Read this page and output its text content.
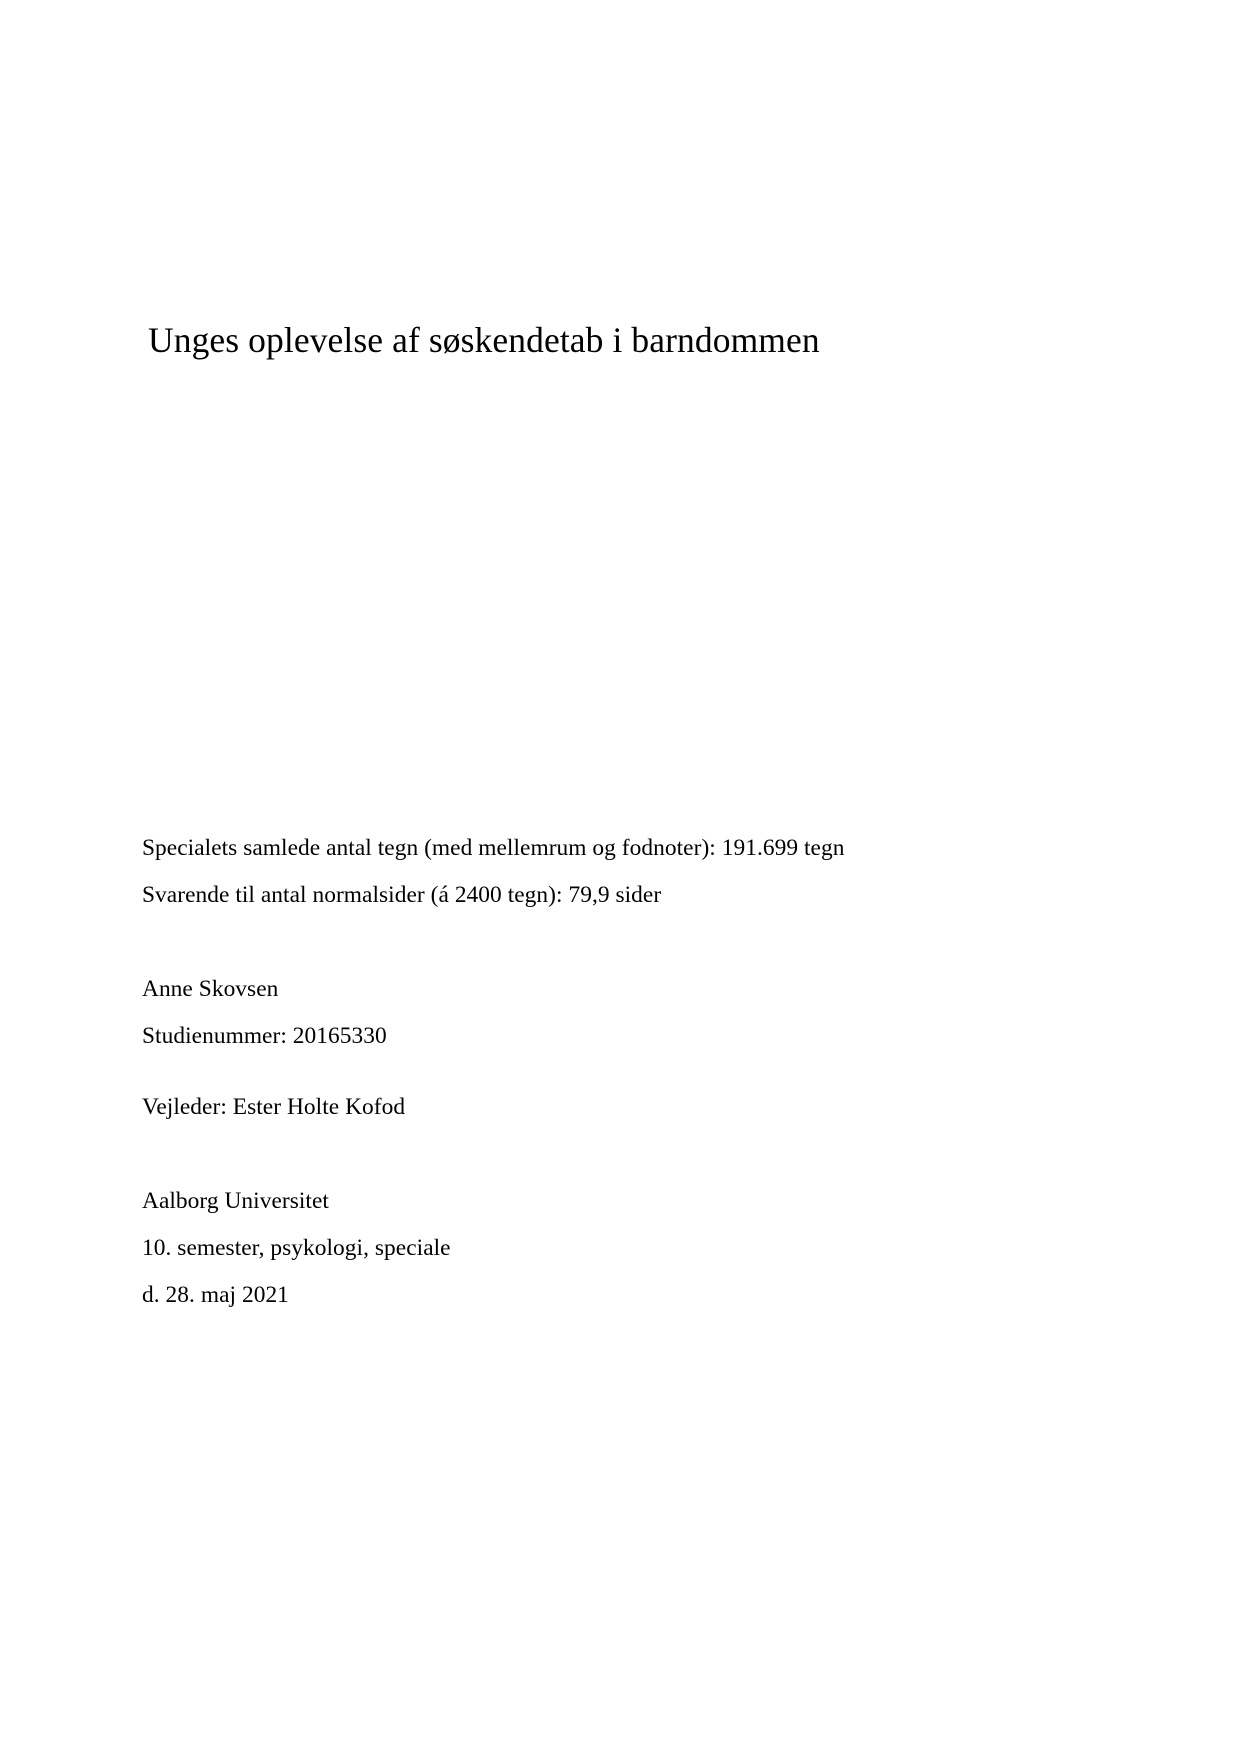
Unges oplevelse af søskendetab i barndommen
Specialets samlede antal tegn (med mellemrum og fodnoter): 191.699 tegn
Svarende til antal normalsider (á 2400 tegn): 79,9 sider
Anne Skovsen
Studienummer: 20165330
Vejleder: Ester Holte Kofod
Aalborg Universitet
10. semester, psykologi, speciale
d. 28. maj 2021
